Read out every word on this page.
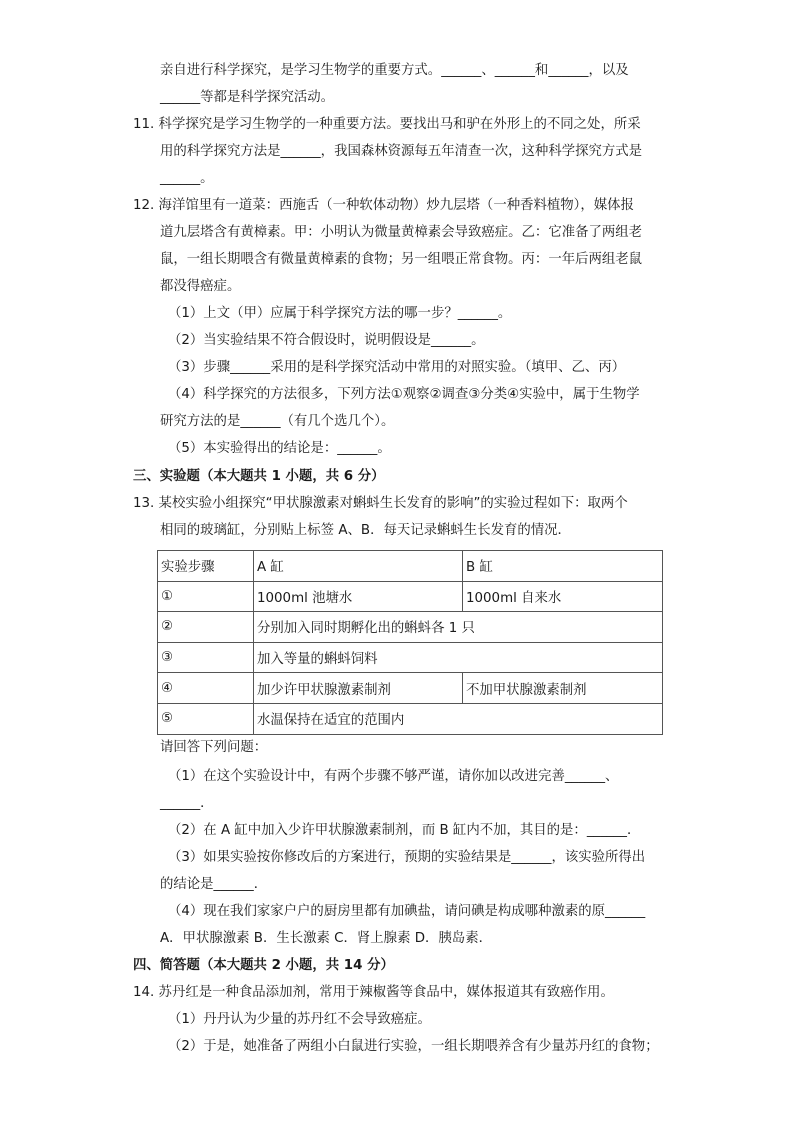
亲自进行科学探究，是学习生物学的重要方式。______、______和______，以及
______等都是科学探究活动。
11. 科学探究是学习生物学的一种重要方法。要找出马和驴在外形上的不同之处，所采
用的科学探究方法是______，我国森林资源每五年清查一次，这种科学探究方式是
______。
12. 海洋馆里有一道菜：西施舌（一种软体动物）炒九层塔（一种香料植物），媒体报
道九层塔含有黄樟素。甲：小明认为微量黄樟素会导致癌症。乙：它准备了两组老
鼠，一组长期喂含有微量黄樟素的食物；另一组喂正常食物。丙：一年后两组老鼠
都没得癌症。
（1）上文（甲）应属于科学探究方法的哪一步？______。
（2）当实验结果不符合假设时，说明假设是______。
（3）步骤______采用的是科学探究活动中常用的对照实验。（填甲、乙、丙）
（4）科学探究的方法很多，下列方法①观察②调查③分类④实验中，属于生物学
研究方法的是______（有几个选几个）。
（5）本实验得出的结论是：______。
三、实验题（本大题共 1 小题，共 6 分）
13. 某校实验小组探究“甲状腺激素对蝌蚪生长发育的影响”的实验过程如下：取两个
相同的玻璃缸，分别贴上标签 A、B．每天记录蝌蚪生长发育的情况．
实验步骤	A 缸	B 缸
①	1000ml 池塘水	1000ml 自来水
②	分别加入同时期孵化出的蝌蚪各 1 只	
③	加入等量的蝌蚪饲料	
④	加少许甲状腺激素制剂	不加甲状腺激素制剂
⑤	水温保持在适宜的范围内	
请回答下列问题：
（1）在这个实验设计中，有两个步骤不够严谨，请你加以改进完善______、
______．
（2）在 A 缸中加入少许甲状腺激素制剂，而 B 缸内不加，其目的是：______．
（3）如果实验按你修改后的方案进行，预期的实验结果是______，该实验所得出
的结论是______．
（4）现在我们家家户户的厨房里都有加碘盐，请问碘是构成哪种激素的原______
A．甲状腺激素 B．生长激素 C．肾上腺素 D．胰岛素．
四、简答题（本大题共 2 小题，共 14 分）
14. 苏丹红是一种食品添加剂，常用于辣椒酱等食品中，媒体报道其有致癌作用。
（1）丹丹认为少量的苏丹红不会导致癌症。
（2）于是，她准备了两组小白鼠进行实验，一组长期喂养含有少量苏丹红的食物；
